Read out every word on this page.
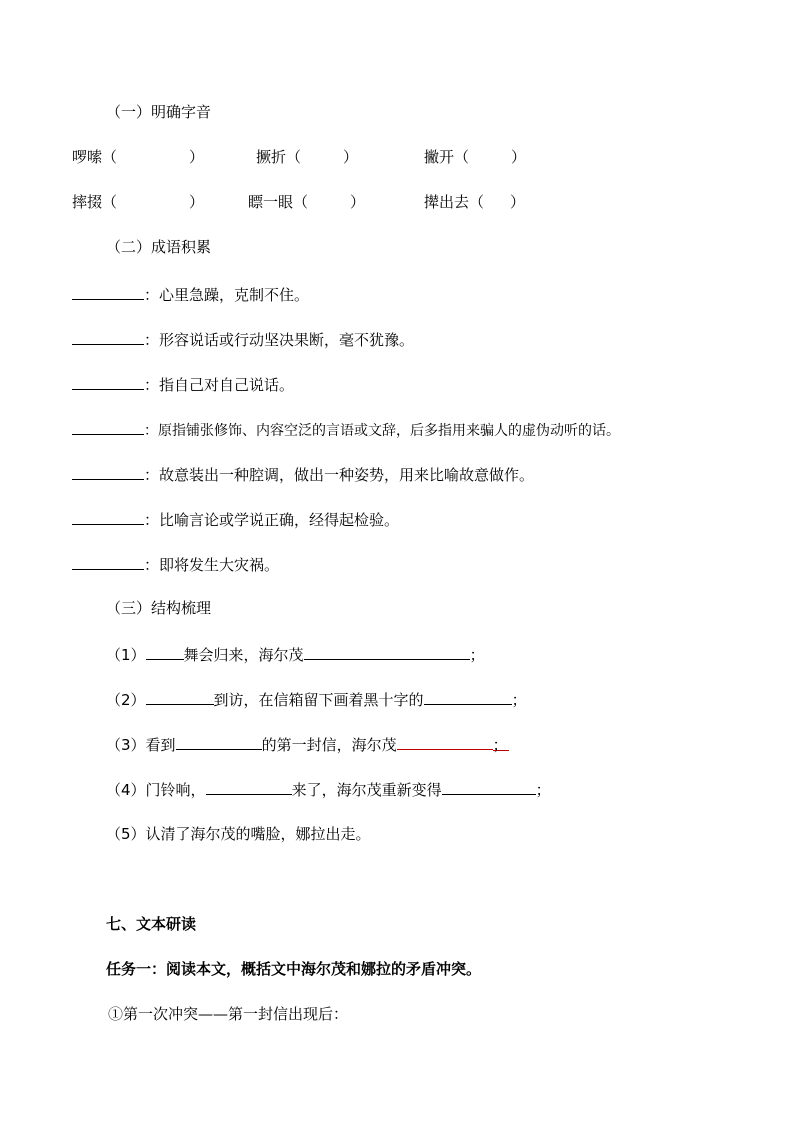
（一）明确字音
啰嗦（	）	撅折（	）	撇开（	）
摔掇（	）	瞟一眼（	）	撵出去（ ）
（二）成语积累
：心里急躁，克制不住。
：形容说话或行动坚决果断，毫不犹豫。
：指自己对自己说话。
：原指铺张修饰、内容空泛的言语或文辞，后多指用来骗人的虚伪动听的话。
：故意装出一种腔调，做出一种姿势，用来比喻故意做作。
：比喻言论或学说正确，经得起检验。
：即将发生大灾祸。
（三）结构梳理
（1）	舞会归来，海尔茂	；
（2）	到访，在信箱留下画着黑十字的	；
（3）看到	的第一封信，海尔茂	；
（4）门铃响，	来了，海尔茂重新变得	；
（5）认清了海尔茂的嘴脸，娜拉出走。
七、文本研读
任务一：阅读本文，概括文中海尔茂和娜拉的矛盾冲突。
①第一次冲突——第一封信出现后：
